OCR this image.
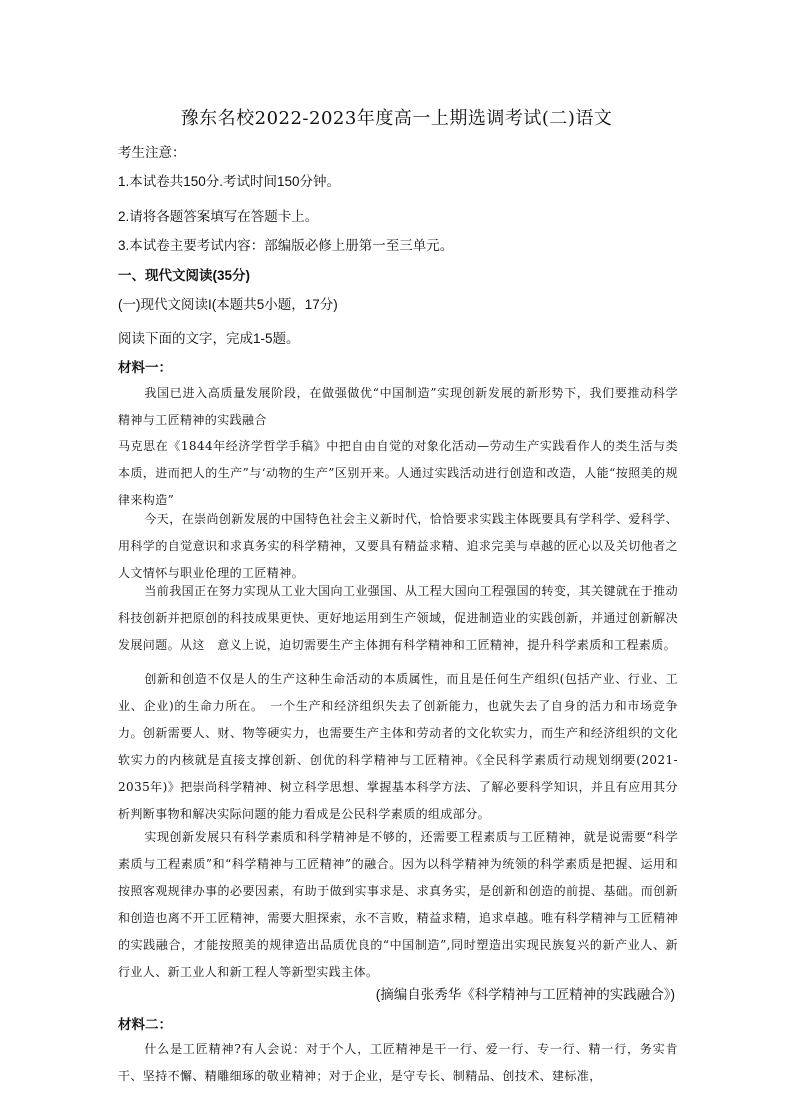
豫东名校2022-2023年度高一上期选调考试(二)语文
考生注意：
1.本试卷共150分.考试时间150分钟。
2.请将各题答案填写在答题卡上。
3.本试卷主要考试内容：部编版必修上册第一至三单元。
一、现代文阅读(35分)
(一)现代文阅读I(本题共5小题，17分)
阅读下面的文字，完成1-5题。
材料一：
我国已进入高质量发展阶段，在做强做优“中国制造”实现创新发展的新形势下，我们要推动科学精神与工匠精神的实践融合
马克思在《1844年经济学哲学手稿》中把自由自觉的对象化活动—劳动生产实践看作人的类生活与类本质，进而把人的生产”与‘动物的生产”区别开来。人通过实践活动进行创造和改造，人能“按照美的规律来构造”
今天，在崇尚创新发展的中国特色社会主义新时代，恰恰要求实践主体既要具有学科学、爱科学、用科学的自觉意识和求真务实的科学精神，又要具有精益求精、追求完美与卓越的匠心以及关切他者之人文情怀与职业伦理的工匠精神。
当前我国正在努力实现从工业大国向工业强国、从工程大国向工程强国的转变，其关键就在于推动科技创新并把原创的科技成果更快、更好地运用到生产领域，促进制造业的实践创新，并通过创新解决发展问题。从这　意义上说，迫切需要生产主体拥有科学精神和工匠精神，提升科学素质和工程素质。
创新和创造不仅是人的生产这种生命活动的本质属性，而且是任何生产组织(包括产业、行业、工业、企业)的生命力所在。　一个生产和经济组织失去了创新能力，也就失去了自身的活力和市场竞争力。创新需要人、财、物等硬实力，也需要生产主体和劳动者的文化软实力，而生产和经济组织的文化软实力的内核就是直接支撑创新、创优的科学精神与工匠精神。《全民科学素质行动规划纲要(2021-2035年)》把崇尚科学精神、树立科学思想、掌握基本科学方法、了解必要科学知识，并且有应用其分析判断事物和解决实际问题的能力看成是公民科学素质的组成部分。
实现创新发展只有科学素质和科学精神是不够的，还需要工程素质与工匠精神，就是说需要“科学素质与工程素质”和“科学精神与工匠精神”的融合。因为以科学精神为统领的科学素质是把握、运用和按照客观规律办事的必要因素，有助于做到实事求是、求真务实，是创新和创造的前提、基础。而创新和创造也离不开工匠精神，需要大胆探索，永不言败，精益求精，追求卓越。唯有科学精神与工匠精神的实践融合，才能按照美的规律造出品质优良的“中国制造”,同时塑造出实现民族复兴的新产业人、新行业人、新工业人和新工程人等新型实践主体。
(摘编自张秀华《科学精神与工匠精神的实践融合》)
材料二：
什么是工匠精神?有人会说：对于个人，工匠精神是干一行、爱一行、专一行、精一行，务实肯干、坚持不懈、精雕细琢的敬业精神；对于企业，是守专长、制精品、创技术、建标准，
